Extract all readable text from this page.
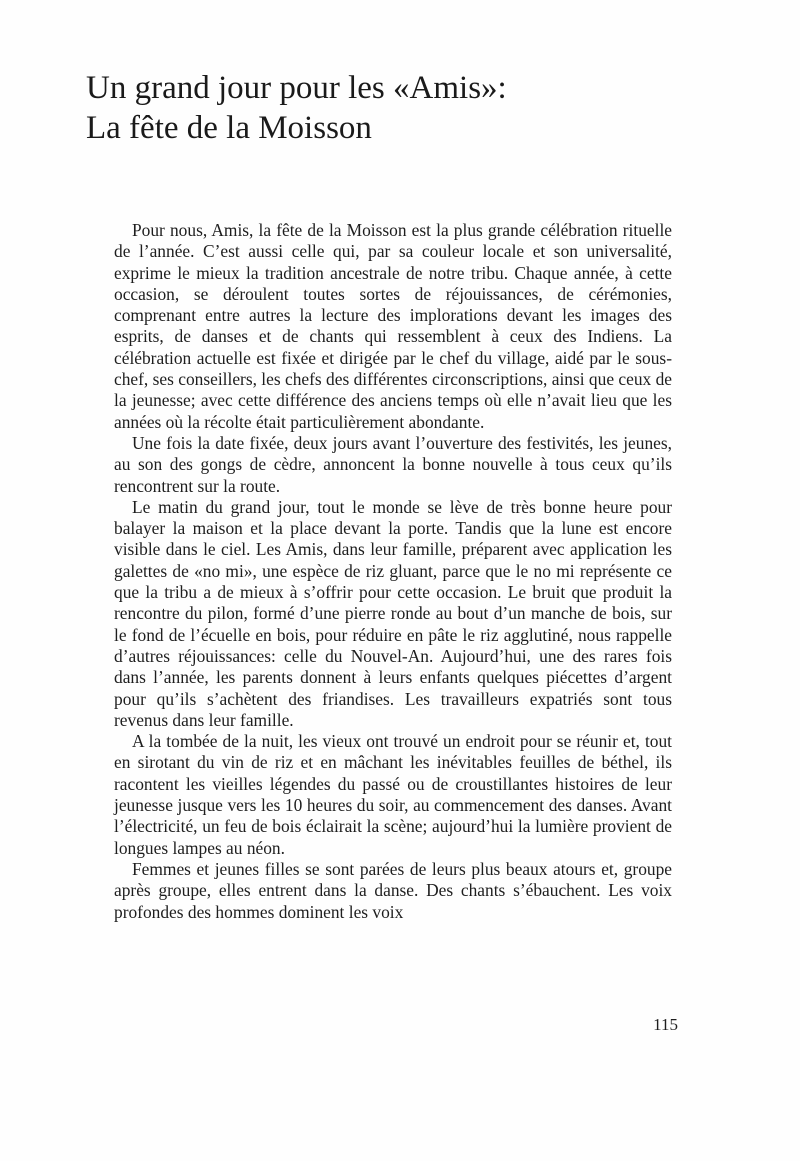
Un grand jour pour les «Amis»:
La fête de la Moisson

Pour nous, Amis, la fête de la Moisson est la plus grande célébration rituelle de l’année. C’est aussi celle qui, par sa couleur locale et son universalité, exprime le mieux la tradition ancestrale de notre tribu. Chaque année, à cette occasion, se déroulent toutes sortes de réjouissances, de cérémonies, comprenant entre autres la lecture des implorations devant les images des esprits, de danses et de chants qui ressemblent à ceux des Indiens. La célébration actuelle est fixée et dirigée par le chef du village, aidé par le sous-chef, ses conseillers, les chefs des différentes circonscriptions, ainsi que ceux de la jeunesse; avec cette différence des anciens temps où elle n’avait lieu que les années où la récolte était particulièrement abondante.

Une fois la date fixée, deux jours avant l’ouverture des festivités, les jeunes, au son des gongs de cèdre, annoncent la bonne nouvelle à tous ceux qu’ils rencontrent sur la route.

Le matin du grand jour, tout le monde se lève de très bonne heure pour balayer la maison et la place devant la porte. Tandis que la lune est encore visible dans le ciel. Les Amis, dans leur famille, préparent avec application les galettes de «no mi», une espèce de riz gluant, parce que le no mi représente ce que la tribu a de mieux à s’offrir pour cette occasion. Le bruit que produit la rencontre du pilon, formé d’une pierre ronde au bout d’un manche de bois, sur le fond de l’écuelle en bois, pour réduire en pâte le riz agglutiné, nous rappelle d’autres réjouissances: celle du Nouvel-An. Aujourd’hui, une des rares fois dans l’année, les parents donnent à leurs enfants quelques piécettes d’argent pour qu’ils s’achètent des friandises. Les travailleurs expatriés sont tous revenus dans leur famille.

A la tombée de la nuit, les vieux ont trouvé un endroit pour se réunir et, tout en sirotant du vin de riz et en mâchant les inévitables feuilles de béthel, ils racontent les vieilles légendes du passé ou de croustillantes histoires de leur jeunesse jusque vers les 10 heures du soir, au commencement des danses. Avant l’électricité, un feu de bois éclairait la scène; aujourd’hui la lumière provient de longues lampes au néon.

Femmes et jeunes filles se sont parées de leurs plus beaux atours et, groupe après groupe, elles entrent dans la danse. Des chants s’ébauchent. Les voix profondes des hommes dominent les voix

115
